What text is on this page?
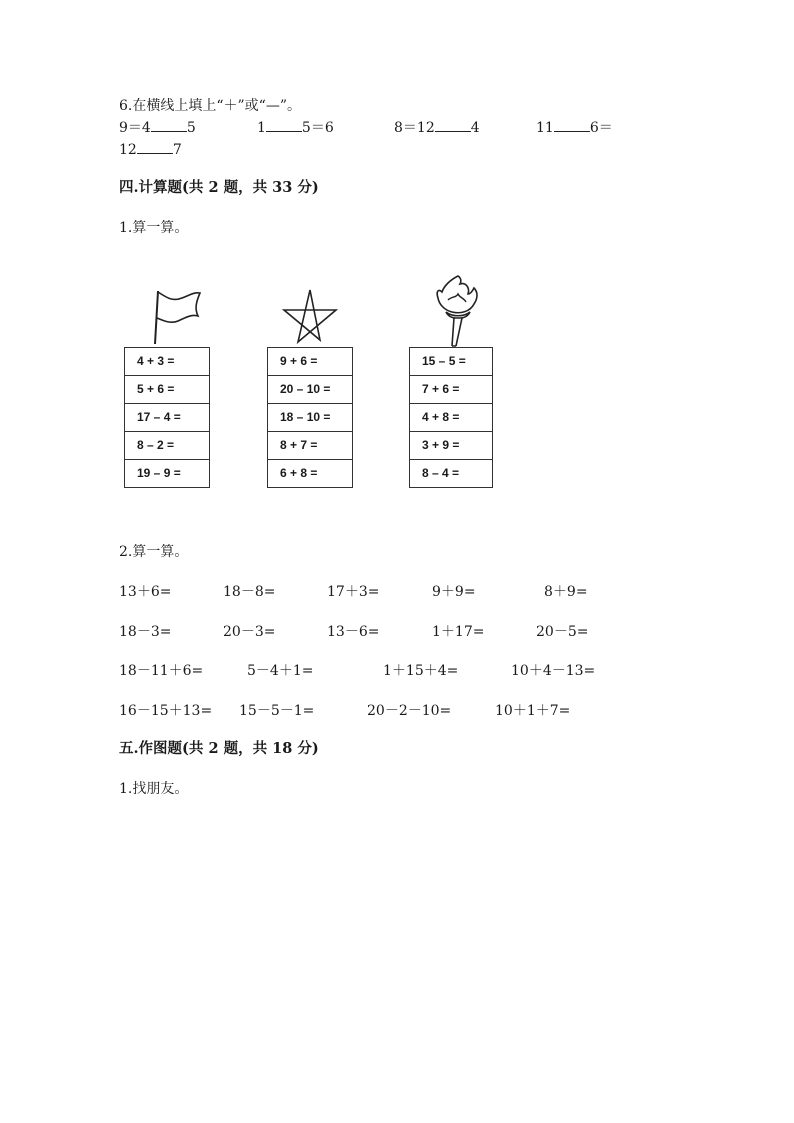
6.在横线上填上“＋”或“—”。
9＝4	5	1	5＝6	8＝12	4	11	6＝
12	7
四.计算题(共 2 题，共 33 分)
1.算一算。
4 + 3 =
5 + 6 =
17 – 4 =
8 – 2 =
19 – 9 =
9 + 6 =
20 – 10 =
18 – 10 =
8 + 7 =
6 + 8 =
15 – 5 =
7 + 6 =
4 + 8 =
3 + 9 =
8 – 4 =
2.算一算。
13＋6=	18－8=	17＋3=	9＋9=	8＋9=
18－3=	20－3=	13－6=	1＋17=	20－5=
18－11＋6=	5－4＋1=	1＋15＋4=	10＋4－13=
16－15＋13= 15－5－1=	20－2－10=	10＋1＋7=
五.作图题(共 2 题，共 18 分)
1.找朋友。
